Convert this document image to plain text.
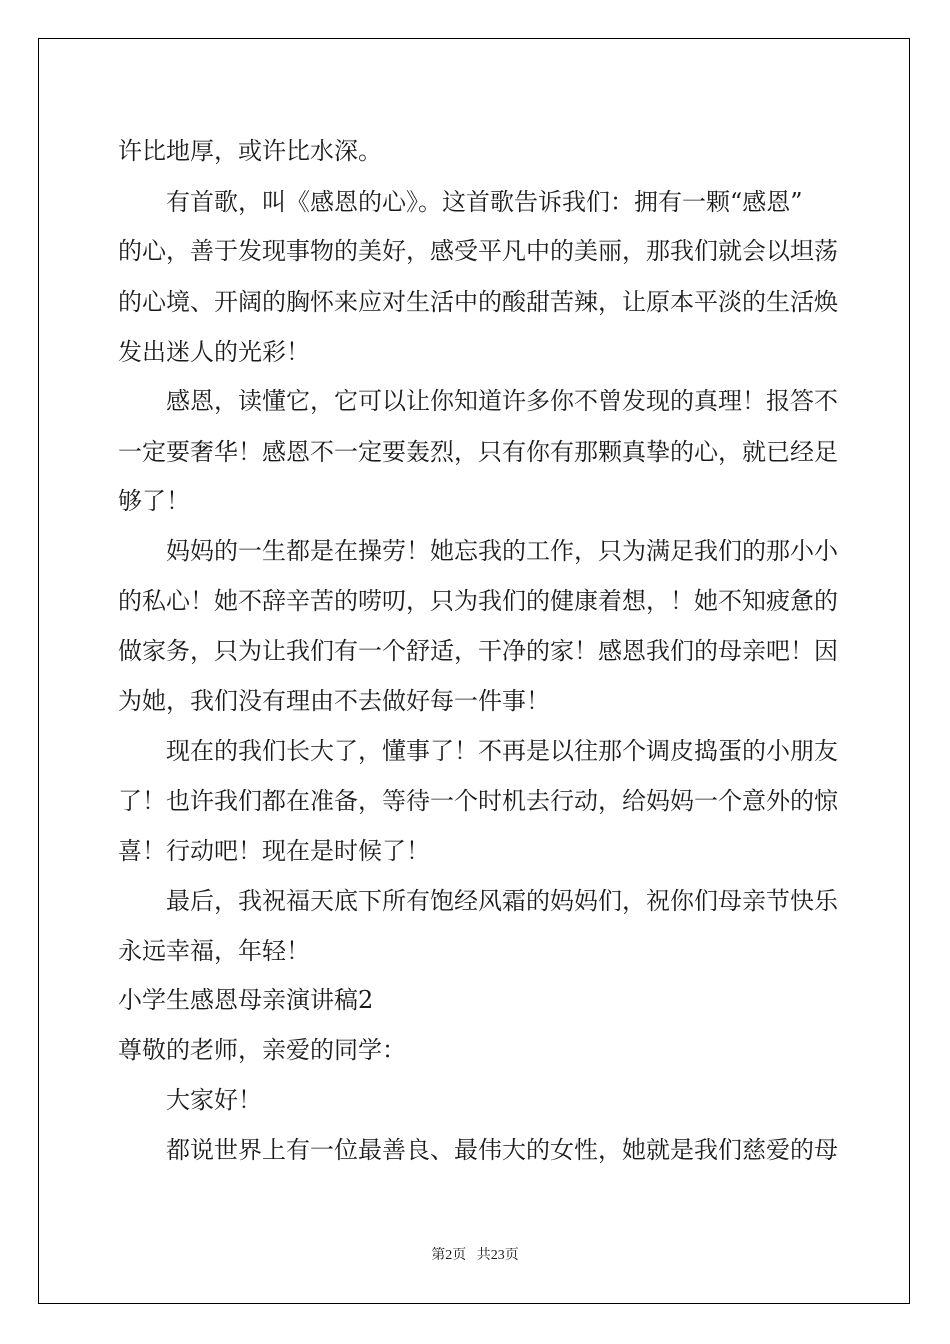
许比地厚，或许比水深。
有首歌，叫《感恩的心》。这首歌告诉我们：拥有一颗“感恩”
的心，善于发现事物的美好，感受平凡中的美丽，那我们就会以坦荡
的心境、开阔的胸怀来应对生活中的酸甜苦辣，让原本平淡的生活焕
发出迷人的光彩！
感恩，读懂它，它可以让你知道许多你不曾发现的真理！报答不
一定要奢华！感恩不一定要轰烈，只有你有那颗真挚的心，就已经足
够了！
妈妈的一生都是在操劳！她忘我的工作，只为满足我们的那小小
的私心！她不辞辛苦的唠叨，只为我们的健康着想，！她不知疲惫的
做家务，只为让我们有一个舒适，干净的家！感恩我们的母亲吧！因
为她，我们没有理由不去做好每一件事！
现在的我们长大了，懂事了！不再是以往那个调皮捣蛋的小朋友
了！也许我们都在准备，等待一个时机去行动，给妈妈一个意外的惊
喜！行动吧！现在是时候了！
最后，我祝福天底下所有饱经风霜的妈妈们，祝你们母亲节快乐
永远幸福，年轻！
小学生感恩母亲演讲稿2
尊敬的老师，亲爱的同学：
大家好！
都说世界上有一位最善良、最伟大的女性，她就是我们慈爱的母
第2页   共23页
